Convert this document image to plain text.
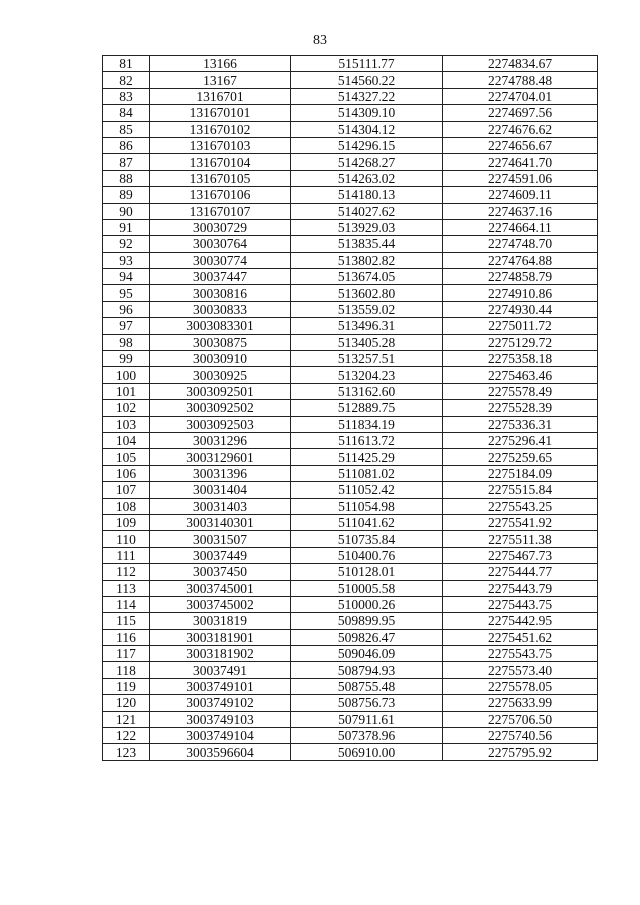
83
81	13166	515111.77	2274834.67
82	13167	514560.22	2274788.48
83	1316701	514327.22	2274704.01
84	131670101	514309.10	2274697.56
85	131670102	514304.12	2274676.62
86	131670103	514296.15	2274656.67
87	131670104	514268.27	2274641.70
88	131670105	514263.02	2274591.06
89	131670106	514180.13	2274609.11
90	131670107	514027.62	2274637.16
91	30030729	513929.03	2274664.11
92	30030764	513835.44	2274748.70
93	30030774	513802.82	2274764.88
94	30037447	513674.05	2274858.79
95	30030816	513602.80	2274910.86
96	30030833	513559.02	2274930.44
97	3003083301	513496.31	2275011.72
98	30030875	513405.28	2275129.72
99	30030910	513257.51	2275358.18
100	30030925	513204.23	2275463.46
101	3003092501	513162.60	2275578.49
102	3003092502	512889.75	2275528.39
103	3003092503	511834.19	2275336.31
104	30031296	511613.72	2275296.41
105	3003129601	511425.29	2275259.65
106	30031396	511081.02	2275184.09
107	30031404	511052.42	2275515.84
108	30031403	511054.98	2275543.25
109	3003140301	511041.62	2275541.92
110	30031507	510735.84	2275511.38
111	30037449	510400.76	2275467.73
112	30037450	510128.01	2275444.77
113	3003745001	510005.58	2275443.79
114	3003745002	510000.26	2275443.75
115	30031819	509899.95	2275442.95
116	3003181901	509826.47	2275451.62
117	3003181902	509046.09	2275543.75
118	30037491	508794.93	2275573.40
119	3003749101	508755.48	2275578.05
120	3003749102	508756.73	2275633.99
121	3003749103	507911.61	2275706.50
122	3003749104	507378.96	2275740.56
123	3003596604	506910.00	2275795.92
